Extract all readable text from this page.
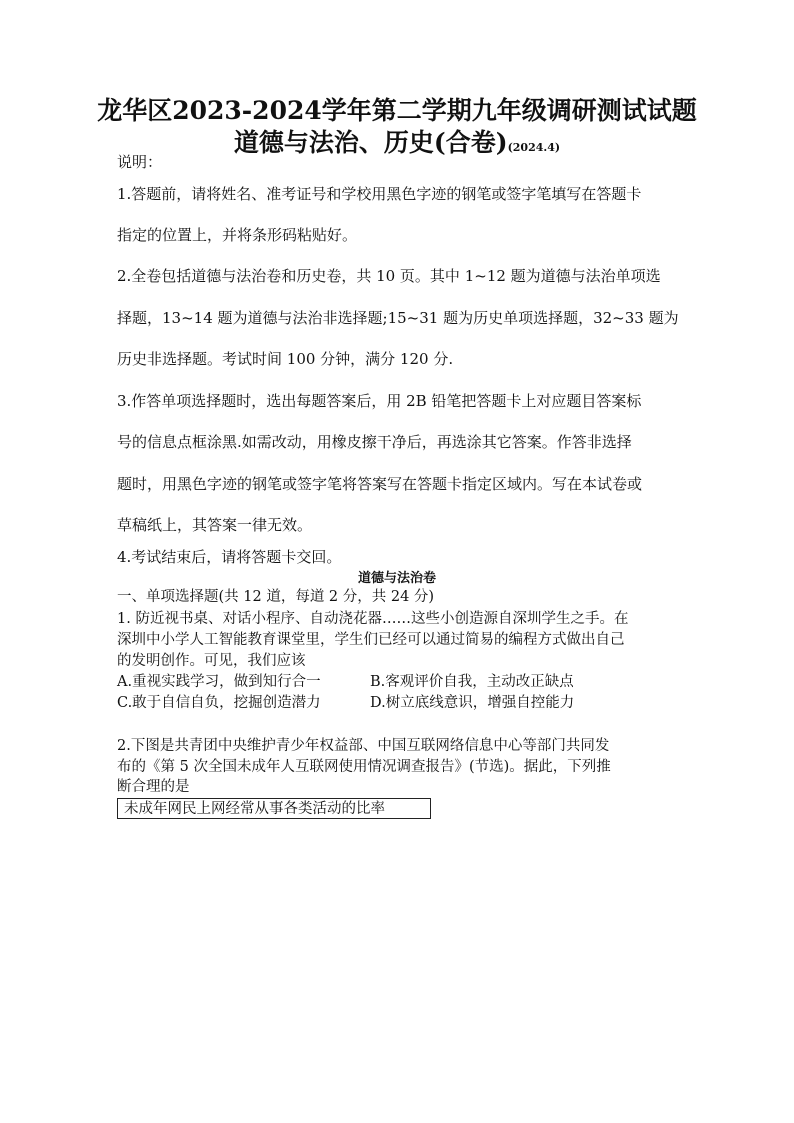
龙华区2023-2024学年第二学期九年级调研测试试题
道德与法治、历史(合卷)(2024.4)
说明：
1.答题前，请将姓名、准考证号和学校用黑色字迹的钢笔或签字笔填写在答题卡
指定的位置上，并将条形码粘贴好。
2.全卷包括道德与法治卷和历史卷，共 10 页。其中 1~12 题为道德与法治单项选
择题，13~14 题为道德与法治非选择题;15~31 题为历史单项选择题，32~33 题为
历史非选择题。考试时间 100 分钟，满分 120 分.
3.作答单项选择题时，选出每题答案后，用 2B 铅笔把答题卡上对应题目答案标
号的信息点框涂黑.如需改动，用橡皮擦干净后，再选涂其它答案。作答非选择
题时，用黑色字迹的钢笔或签字笔将答案写在答题卡指定区域内。写在本试卷或
草稿纸上，其答案一律无效。
4.考试结束后，请将答题卡交回。
道德与法治卷
一、单项选择题(共 12 道，每道 2 分，共 24 分)
1. 防近视书桌、对话小程序、自动浇花器……这些小创造源自深圳学生之手。在
深圳中小学人工智能教育课堂里，学生们已经可以通过简易的编程方式做出自己
的发明创作。可见，我们应该
A.重视实践学习，做到知行合一	B.客观评价自我，主动改正缺点
C.敢于自信自负，挖掘创造潜力	D.树立底线意识，增强自控能力
2.下图是共青团中央维护青少年权益部、中国互联网络信息中心等部门共同发
布的《第 5 次全国未成年人互联网使用情况调查报告》(节选)。据此，下列推
断合理的是
未成年网民上网经常从事各类活动的比率
